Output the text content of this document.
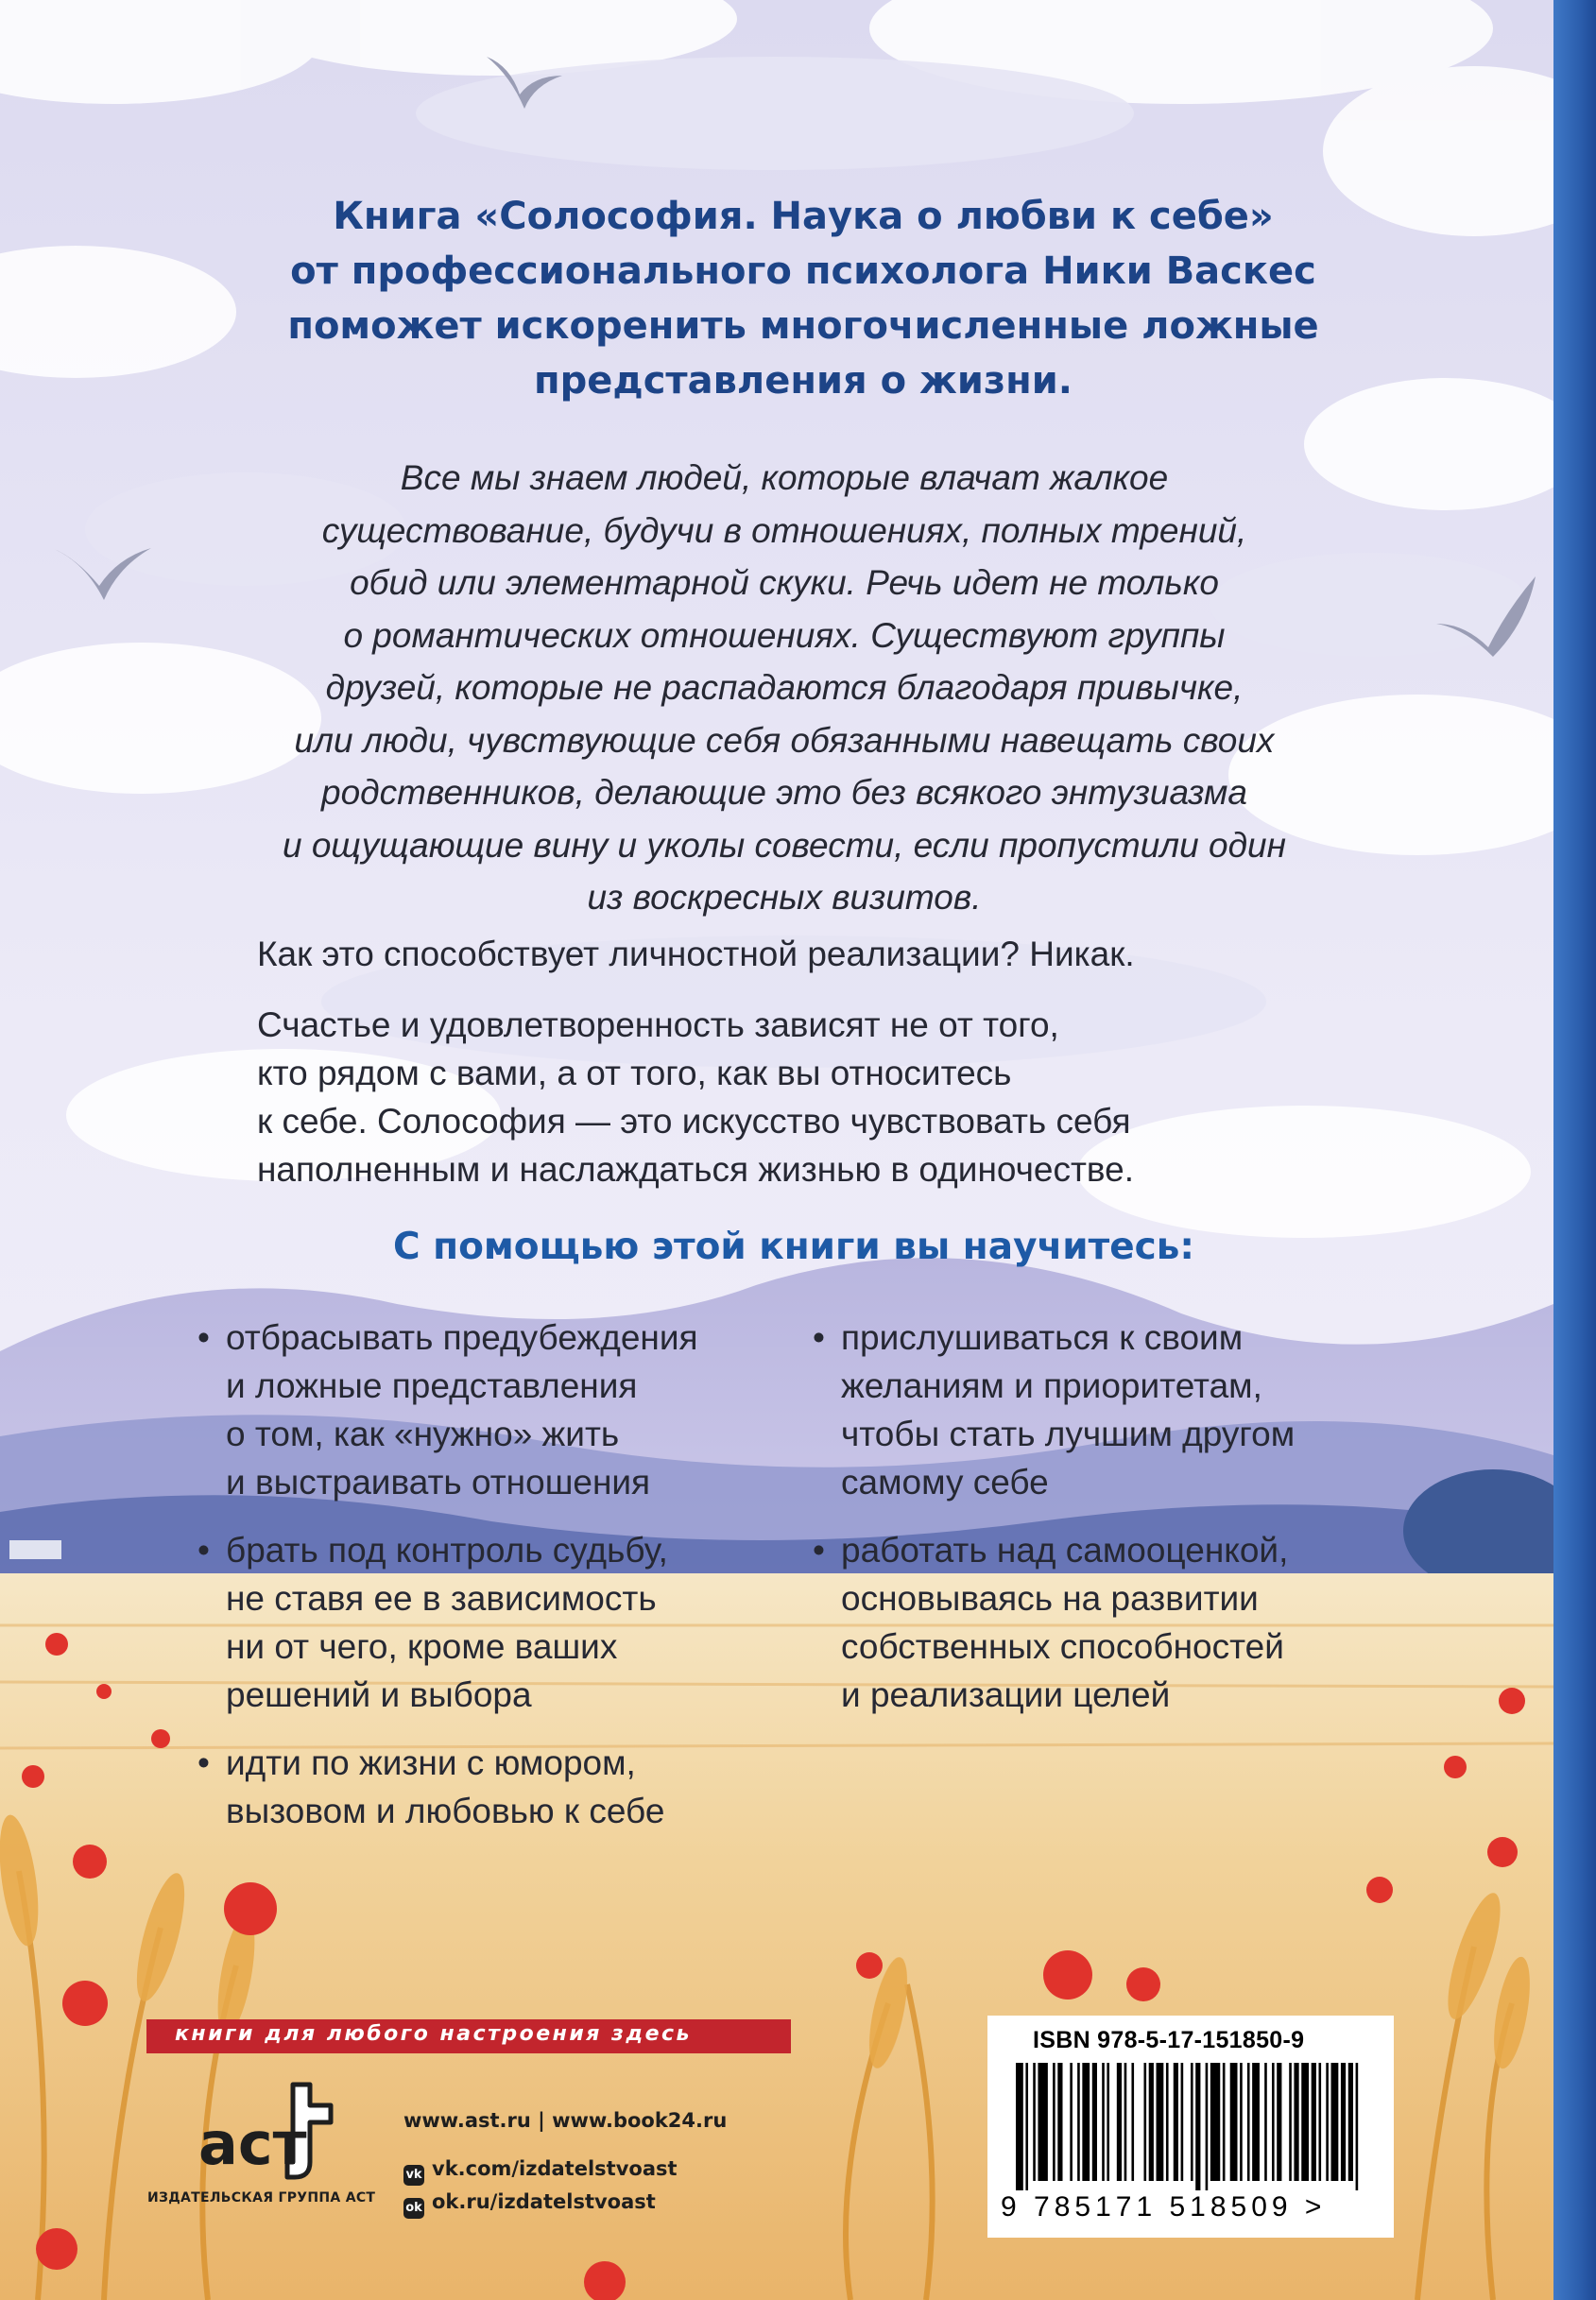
Книга «Солософия. Наука о любви к себе»
от профессионального психолога Ники Васкес
поможет искоренить многочисленные ложные
представления о жизни.
Все мы знаем людей, которые влачат жалкое
существование, будучи в отношениях, полных трений,
обид или элементарной скуки. Речь идет не только
о романтических отношениях. Существуют группы
друзей, которые не распадаются благодаря привычке,
или люди, чувствующие себя обязанными навещать своих
родственников, делающие это без всякого энтузиазма
и ощущающие вину и уколы совести, если пропустили один
из воскресных визитов.
Как это способствует личностной реализации? Никак.
Счастье и удовлетворенность зависят не от того,
кто рядом с вами, а от того, как вы относитесь
к себе. Солософия — это искусство чувствовать себя
наполненным и наслаждаться жизнью в одиночестве.
С помощью этой книги вы научитесь:
• отбрасывать предубеждения
и ложные представления
о том, как «нужно» жить
и выстраивать отношения
• брать под контроль судьбу,
не ставя ее в зависимость
ни от чего, кроме ваших
решений и выбора
• идти по жизни с юмором,
вызовом и любовью к себе
• прислушиваться к своим
желаниям и приоритетам,
чтобы стать лучшим другом
самому себе
• работать над самооценкой,
основываясь на развитии
собственных способностей
и реализации целей
книги для любого настроения здесь
аст
ИЗДАТЕЛЬСКАЯ ГРУППА АСТ
www.ast.ru | www.book24.ru
vk vk.com/izdatelstvoast
ok ok.ru/izdatelstvoast
ISBN 978-5-17-151850-9
9 785171 518509 >
